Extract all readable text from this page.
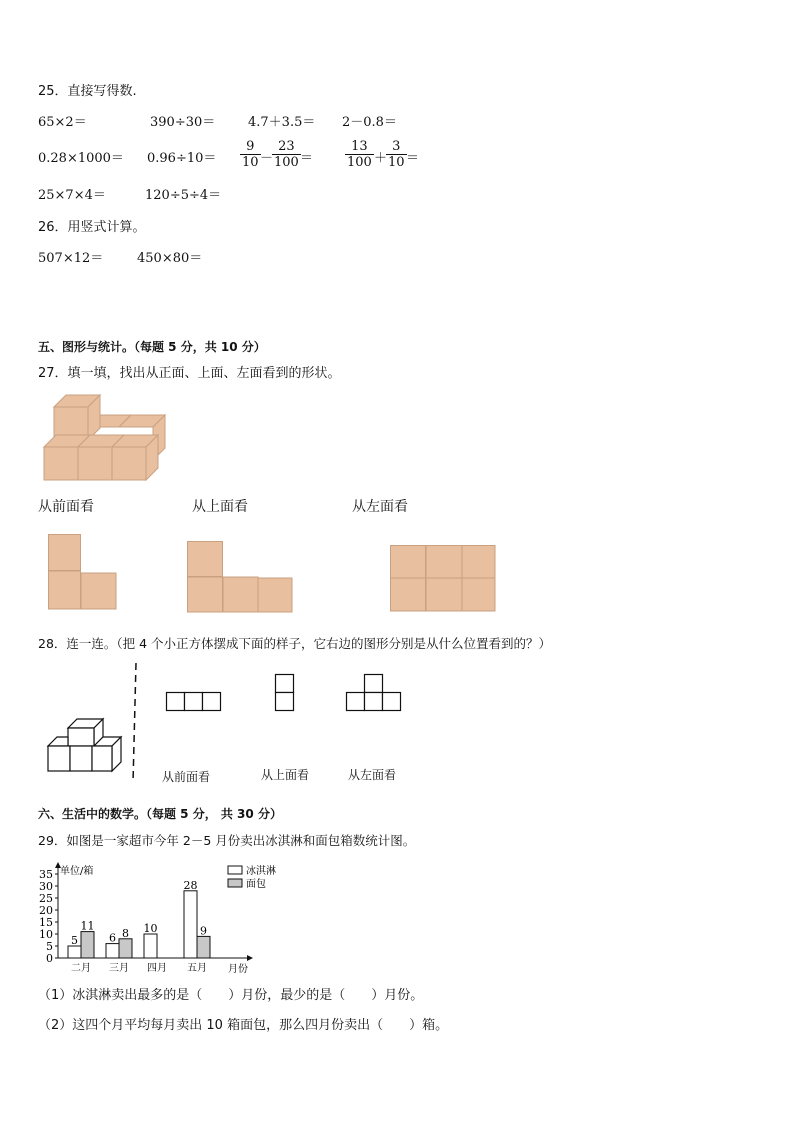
25．直接写得数.
65×2＝	390÷30＝	4.7＋3.5＝ 2－0.8＝
0.28×1000＝ 0.96÷10＝
9
10 －
23
100 ＝
13
100 ＋
3
10 ＝
25×7×4＝	120÷5÷4＝
26．用竖式计算。
507×12＝	450×80＝
五、图形与统计。（每题 5 分，共 10 分）
27．填一填，找出从正面、上面、左面看到的形状。
从前面看	从上面看	从左面看
28．连一连。（把 4 个小正方体摆成下面的样子，它右边的图形分别是从什么位置看到的？）
从前面看	从上面看	从左面看
六、生活中的数学。（每题 5 分， 共 30 分）
29．如图是一家超市今年 2－5 月份卖出冰淇淋和面包箱数统计图。
0
5
10
15
20
25
30
35 单位/箱
月份
二月
5
11
三月
6 8
四月
10
五月
28
9
冰淇淋
面包
（1）冰淇淋卖出最多的是（　　）月份，最少的是（　　）月份。
（2）这四个月平均每月卖出 10 箱面包，那么四月份卖出（　　）箱。
